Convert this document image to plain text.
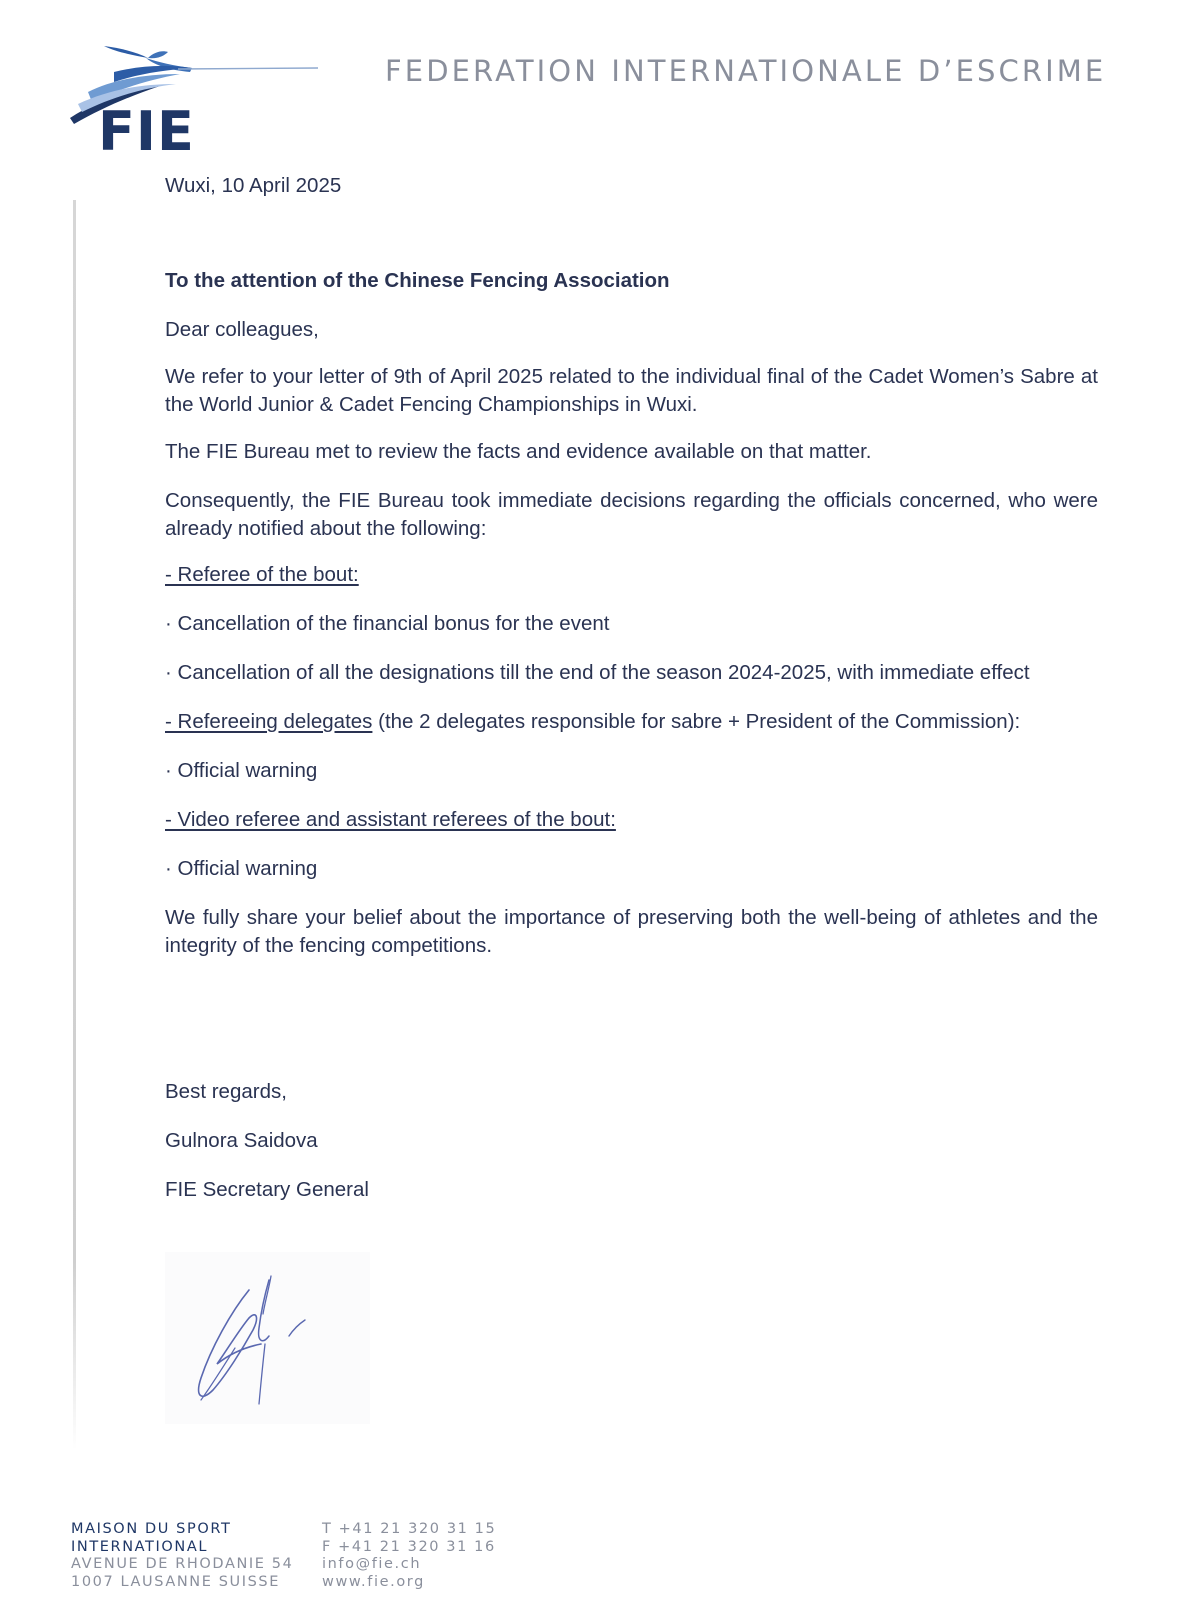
FIE
FEDERATION INTERNATIONALE D’ESCRIME
Wuxi, 10 April 2025
To the attention of the Chinese Fencing Association
Dear colleagues,
We refer to your letter of 9th of April 2025 related to the individual final of the Cadet Women’s Sabre at the World Junior & Cadet Fencing Championships in Wuxi.
The FIE Bureau met to review the facts and evidence available on that matter.
Consequently, the FIE Bureau took immediate decisions regarding the officials concerned, who were already notified about the following:
- Referee of the bout:
· Cancellation of the financial bonus for the event
· Cancellation of all the designations till the end of the season 2024-2025, with immediate effect
- Refereeing delegates (the 2 delegates responsible for sabre + President of the Commission):
· Official warning
- Video referee and assistant referees of the bout:
· Official warning
We fully share your belief about the importance of preserving both the well-being of athletes and the integrity of the fencing competitions.
Best regards,
Gulnora Saidova
FIE Secretary General
MAISON DU SPORT
INTERNATIONAL
AVENUE DE RHODANIE 54
1007 LAUSANNE SUISSE
T +41 21 320 31 15
F +41 21 320 31 16
info@fie.ch
www.fie.org
